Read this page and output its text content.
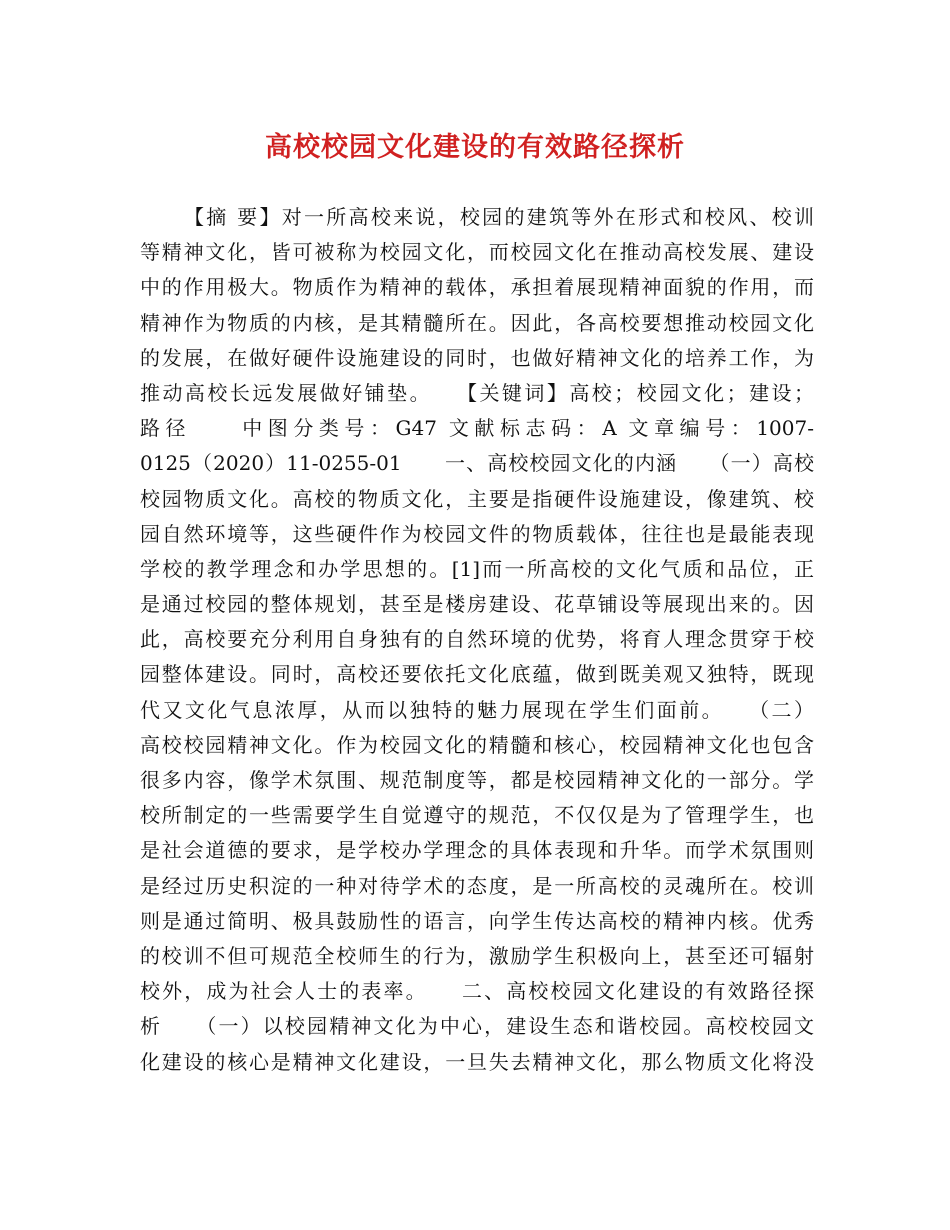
高校校园文化建设的有效路径探析
【摘 要】对一所高校来说，校园的建筑等外在形式和校风、校训
等精神文化，皆可被称为校园文化，而校园文化在推动高校发展、建设
中的作用极大。物质作为精神的载体，承担着展现精神面貌的作用，而
精神作为物质的内核，是其精髓所在。因此，各高校要想推动校园文化
的发展，在做好硬件设施建设的同时，也做好精神文化的培养工作，为
推动高校长远发展做好铺垫。　　【关键词】高校；校园文化；建设；
路径　　中图分类号：G47 文献标志码：A 文章编号：1007-
0125（2020）11-0255-01　　一、高校校园文化的内涵　　（一）高校
校园物质文化。高校的物质文化，主要是指硬件设施建设，像建筑、校
园自然环境等，这些硬件作为校园文件的物质载体，往往也是最能表现
学校的教学理念和办学思想的。[1]而一所高校的文化气质和品位，正
是通过校园的整体规划，甚至是楼房建设、花草铺设等展现出来的。因
此，高校要充分利用自身独有的自然环境的优势，将育人理念贯穿于校
园整体建设。同时，高校还要依托文化底蕴，做到既美观又独特，既现
代又文化气息浓厚，从而以独特的魅力展现在学生们面前。　　（二）
高校校园精神文化。作为校园文化的精髓和核心，校园精神文化也包含
很多内容，像学术氛围、规范制度等，都是校园精神文化的一部分。学
校所制定的一些需要学生自觉遵守的规范，不仅仅是为了管理学生，也
是社会道德的要求，是学校办学理念的具体表现和升华。而学术氛围则
是经过历史积淀的一种对待学术的态度，是一所高校的灵魂所在。校训
则是通过简明、极具鼓励性的语言，向学生传达高校的精神内核。优秀
的校训不但可规范全校师生的行为，激励学生积极向上，甚至还可辐射
校外，成为社会人士的表率。　　二、高校校园文化建设的有效路径探
析　　（一）以校园精神文化为中心，建设生态和谐校园。高校校园文
化建设的核心是精神文化建设，一旦失去精神文化，那么物质文化将没
